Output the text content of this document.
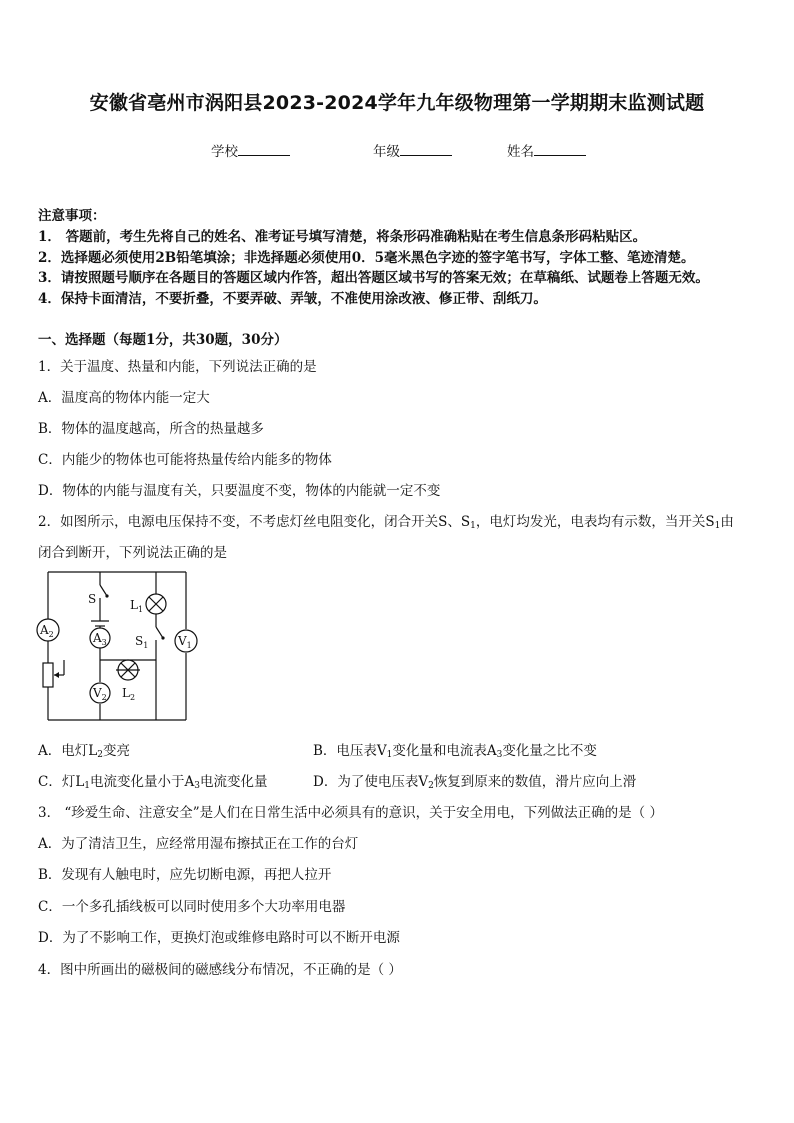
安徽省亳州市涡阳县2023-2024学年九年级物理第一学期期末监测试题
学校	年级	姓名
注意事项：
1． 答题前，考生先将自己的姓名、准考证号填写清楚，将条形码准确粘贴在考生信息条形码粘贴区。
2．选择题必须使用2B铅笔填涂；非选择题必须使用0．5毫米黑色字迹的签字笔书写，字体工整、笔迹清楚。
3．请按照题号顺序在各题目的答题区域内作答，超出答题区域书写的答案无效；在草稿纸、试题卷上答题无效。
4．保持卡面清洁，不要折叠，不要弄破、弄皱，不准使用涂改液、修正带、刮纸刀。
一、选择题（每题1分，共30题，30分）
1．关于温度、热量和内能，下列说法正确的是
A．温度高的物体内能一定大
B．物体的温度越高，所含的热量越多
C．内能少的物体也可能将热量传给内能多的物体
D．物体的内能与温度有关，只要温度不变，物体的内能就一定不变
2．如图所示，电源电压保持不变，不考虑灯丝电阻变化，闭合开关S、$S_1$，电灯均发光，电表均有示数，当开关$S_1$由
闭合到断开，下列说法正确的是
$A_2$	$A_3$
$V_2$
$V_1$
S	$L_1$
$S_1$
$L_2$
A．电灯$L_2$变亮	B．电压表$V_1$变化量和电流表$A_3$变化量之比不变
C．灯$L_1$电流变化量小于$A_3$电流变化量	D．为了使电压表$V_2$恢复到原来的数值，滑片应向上滑
3． “珍爱生命、注意安全”是人们在日常生活中必须具有的意识，关于安全用电，下列做法正确的是（ ）
A．为了清洁卫生，应经常用湿布擦拭正在工作的台灯
B．发现有人触电时，应先切断电源，再把人拉开
C．一个多孔插线板可以同时使用多个大功率用电器
D．为了不影响工作，更换灯泡或维修电路时可以不断开电源
4．图中所画出的磁极间的磁感线分布情况，不正确的是（ ）
